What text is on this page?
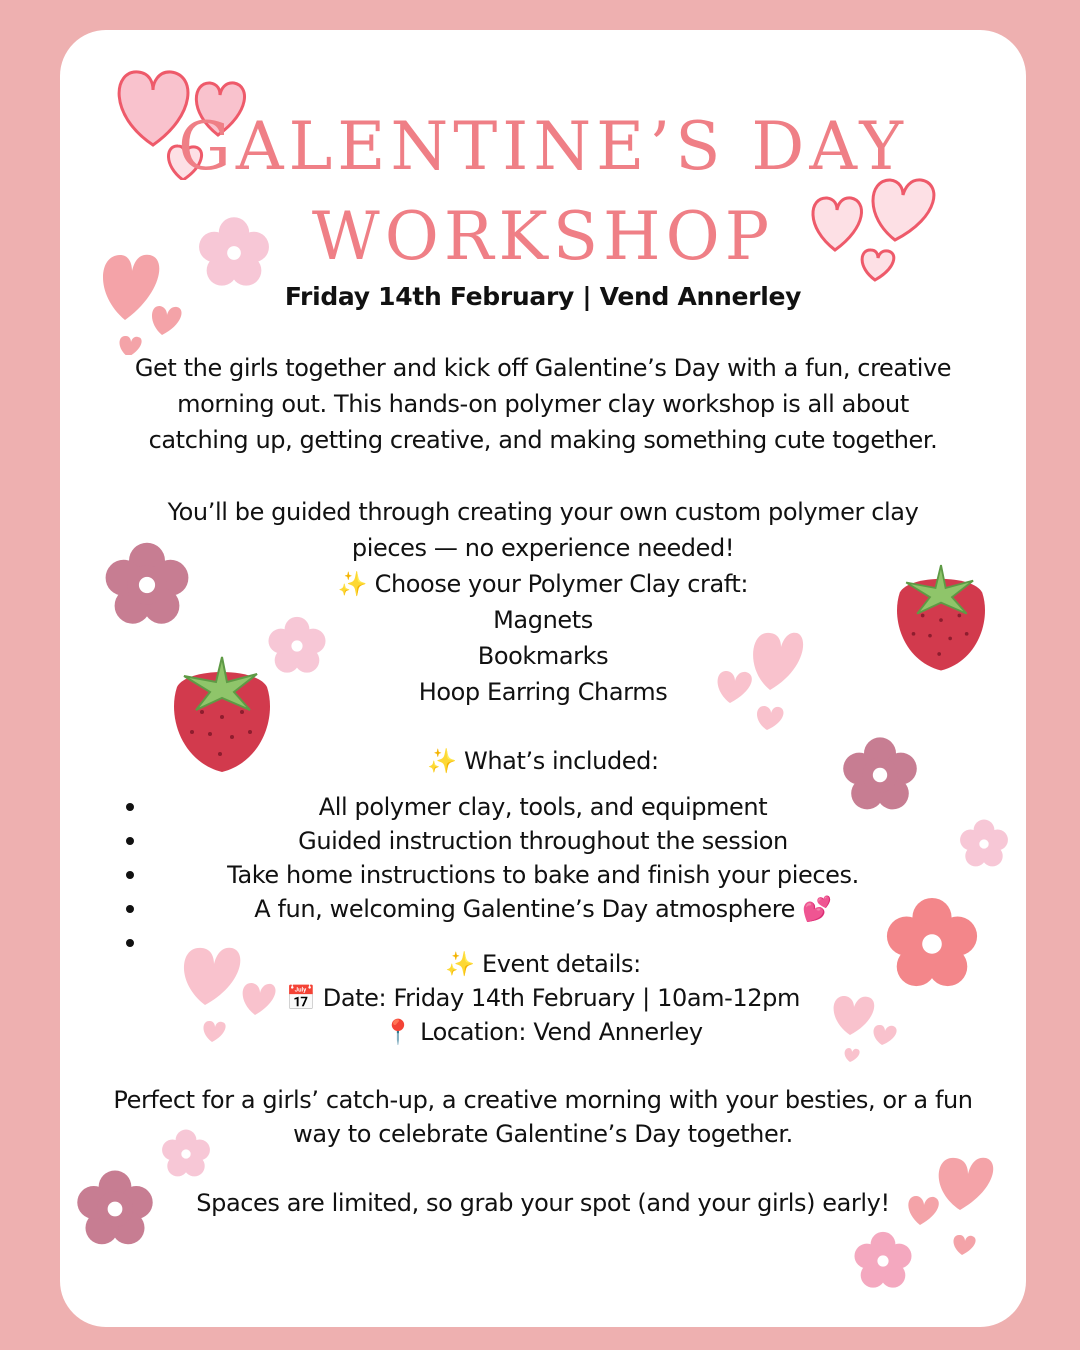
GALENTINE’S DAY
WORKSHOP
Friday 14th February | Vend Annerley
Get the girls together and kick off Galentine’s Day with a fun, creative
morning out. This hands-on polymer clay workshop is all about
catching up, getting creative, and making something cute together.
You’ll be guided through creating your own custom polymer clay
pieces — no experience needed!
✨ Choose your Polymer Clay craft:
Magnets
Bookmarks
Hoop Earring Charms
✨ What’s included:
All polymer clay, tools, and equipment
Guided instruction throughout the session
Take home instructions to bake and finish your pieces.
A fun, welcoming Galentine’s Day atmosphere 💕
✨ Event details:
📅 Date: Friday 14th February | 10am-12pm
📍 Location: Vend Annerley
Perfect for a girls’ catch-up, a creative morning with your besties, or a fun
way to celebrate Galentine’s Day together.
Spaces are limited, so grab your spot (and your girls) early!
